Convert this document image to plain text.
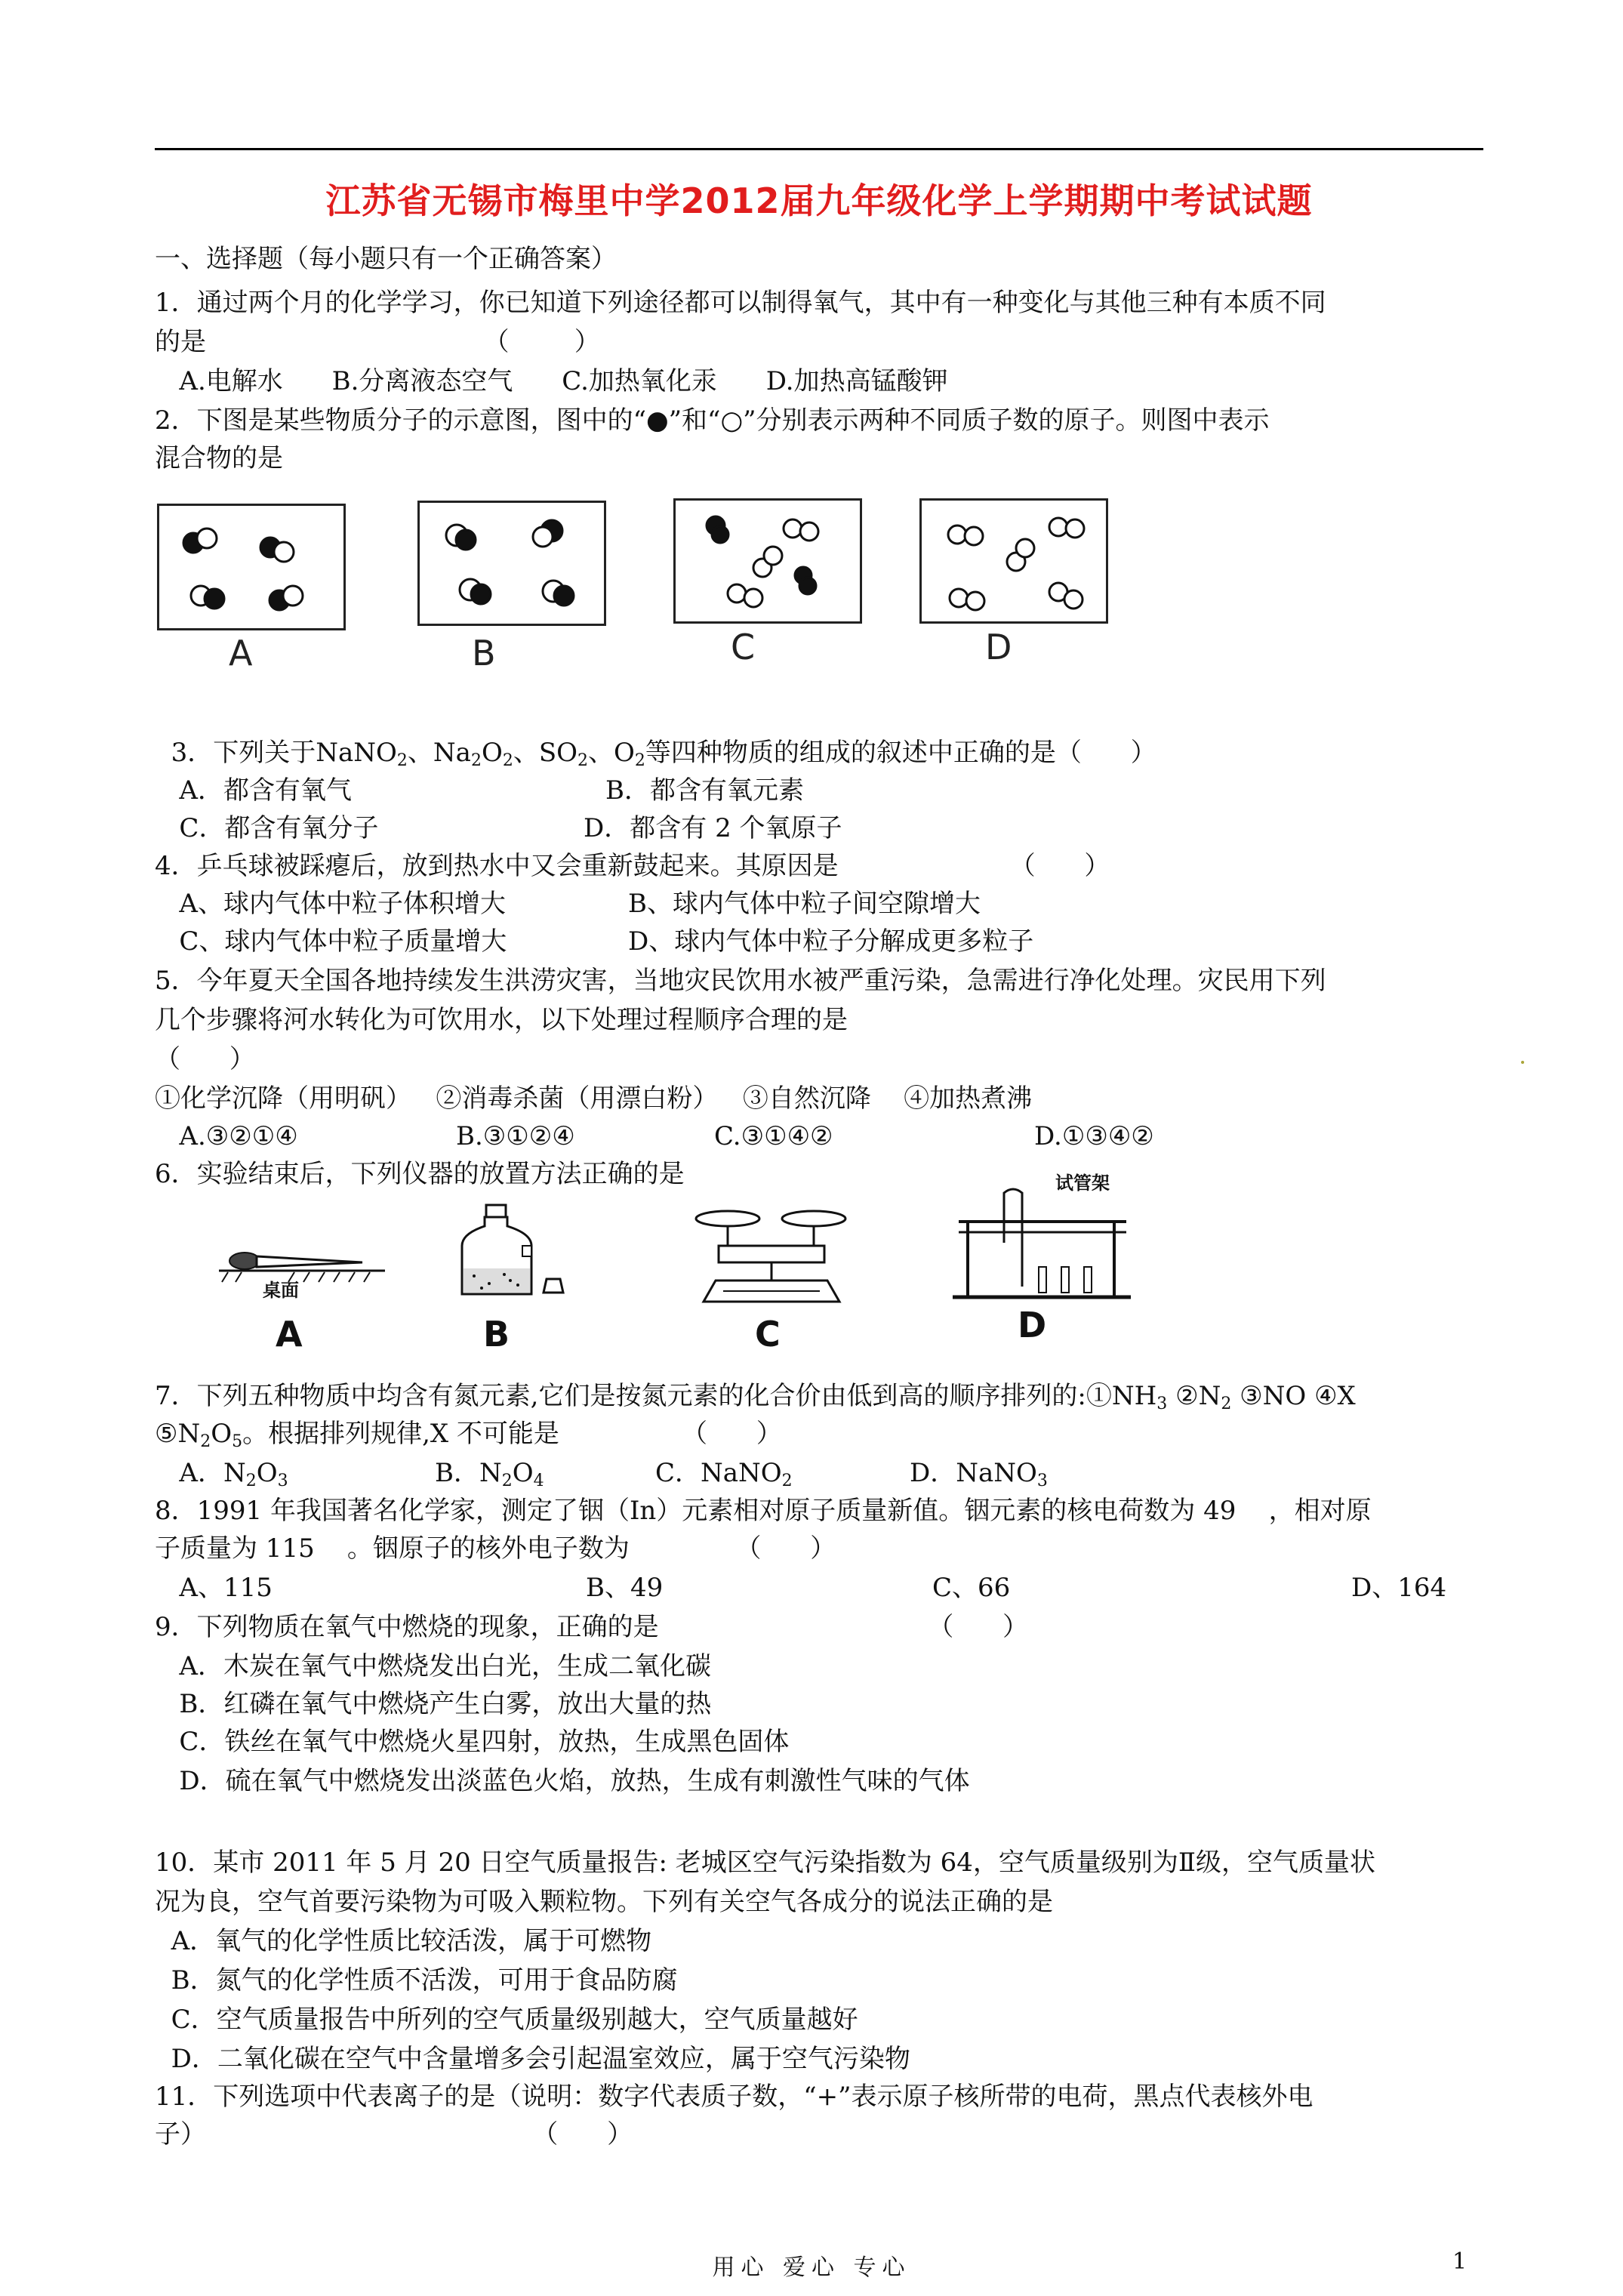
江苏省无锡市梅里中学2012届九年级化学上学期期中考试试题
一、选择题（每小题只有一个正确答案）
1．通过两个月的化学学习，你已知道下列途径都可以制得氧气，其中有一种变化与其他三种有本质不同
的是                                  （        ）
A.电解水      B.分离液态空气      C.加热氧化汞      D.加热高锰酸钾
2．下图是某些物质分子的示意图，图中的“●”和“○”分别表示两种不同质子数的原子。则图中表示
混合物的是
A	B	C	D
3．下列关于NaNO$_2$、$Na_2O_2$、$SO_2$、$O_2$等四种物质的组成的叙述中正确的是（      ）
A．都含有氧气	B．都含有氧元素
C．都含有氧分子	D．都含有 2 个氧原子
4．乒乓球被踩瘪后，放到热水中又会重新鼓起来。其原因是                     （      ）
A、球内气体中粒子体积增大	B、球内气体中粒子间空隙增大
C、球内气体中粒子质量增大	D、球内气体中粒子分解成更多粒子
5．今年夏天全国各地持续发生洪涝灾害，当地灾民饮用水被严重污染，急需进行净化处理。灾民用下列
几个步骤将河水转化为可饮用水，以下处理过程顺序合理的是
（      ）
①化学沉降（用明矾）   ②消毒杀菌（用漂白粉）   ③自然沉降    ④加热煮沸
A.③②①④	B.③①②④	C.③①④②	D.①③④②
6．实验结束后，下列仪器的放置方法正确的是
桌面
A	B	C
试管架
D
7．下列五种物质中均含有氮元素,它们是按氮元素的化合价由低到高的顺序排列的$:①NH_3$ $②N_2$ ③NO ④X
$⑤N_2O_5$。根据排列规律,X 不可能是               （      ）
A．$N_2O_3$	B．$N_2O_4$	C．NaNO$_2$	D．NaNO$_3$
8．1991 年我国著名化学家，测定了铟（In）元素相对原子质量新值。铟元素的核电荷数为 49    ，相对原
子质量为 115    。铟原子的核外电子数为             （      ）
A、115	B、49	C、66	D、164
9．下列物质在氧气中燃烧的现象，正确的是                                 （      ）
A．木炭在氧气中燃烧发出白光，生成二氧化碳
B．红磷在氧气中燃烧产生白雾，放出大量的热
C．铁丝在氧气中燃烧火星四射，放热，生成黑色固体
D．硫在氧气中燃烧发出淡蓝色火焰，放热，生成有刺激性气味的气体
10．某市 2011 年 5 月 20 日空气质量报告: 老城区空气污染指数为 64，空气质量级别为Ⅱ级，空气质量状
况为良，空气首要污染物为可吸入颗粒物。下列有关空气各成分的说法正确的是
A．氧气的化学性质比较活泼，属于可燃物
B．氮气的化学性质不活泼，可用于食品防腐
C．空气质量报告中所列的空气质量级别越大，空气质量越好
D．二氧化碳在空气中含量增多会引起温室效应，属于空气污染物
11．下列选项中代表离子的是（说明：数字代表质子数，“+”表示原子核所带的电荷，黑点代表核外电
子）                                        （      ）
用心 爱心 专心	1
